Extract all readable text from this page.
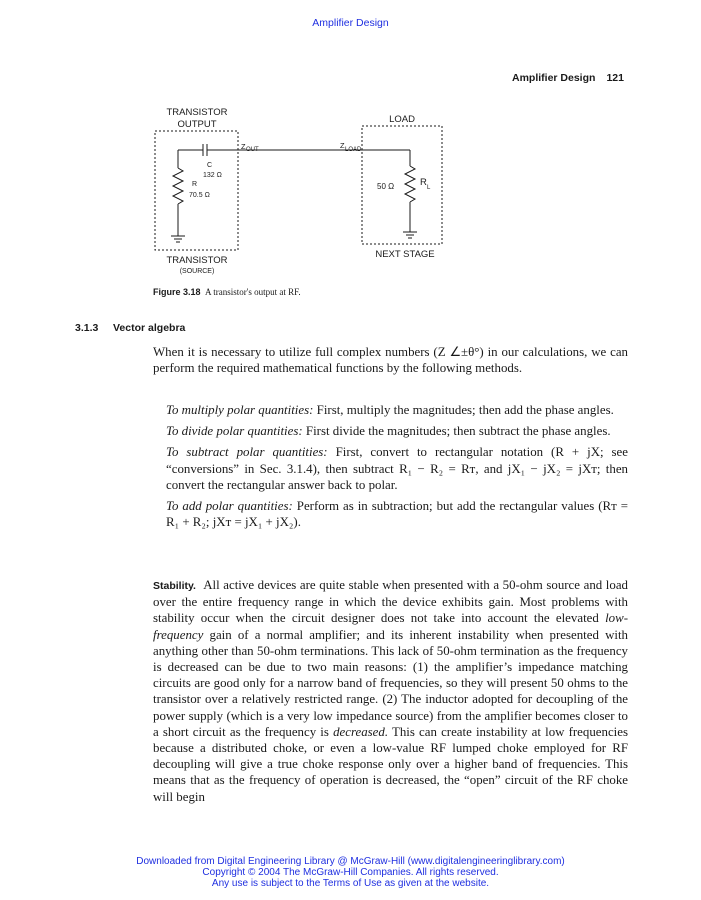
Amplifier Design
Amplifier Design 121
TRANSISTOR
OUTPUT	LOAD
Z OUT	Z LOAD
C
132 Ω
R
70.5 Ω
50 Ω	R L
TRANSISTOR
(SOURCE)
NEXT STAGE
Figure 3.18 A transistor's output at RF.
3.1.3 Vector algebra
When it is necessary to utilize full complex numbers (Z ∠±θ°) in our calculations, we can perform the required mathematical functions by the following methods.

To multiply polar quantities: First, multiply the magnitudes; then add the phase angles.

To divide polar quantities: First divide the magnitudes; then subtract the phase angles.

To subtract polar quantities: First, convert to rectangular notation (R + jX; see “conversions” in Sec. 3.1.4), then subtract R₁ − R₂ = Rᴛ, and jX₁ − jX₂ = jXᴛ; then convert the rectangular answer back to polar.

To add polar quantities: Perform as in subtraction; but add the rectangular values (Rᴛ = R₁ + R₂; jXᴛ = jX₁ + jX₂).

Stability. All active devices are quite stable when presented with a 50-ohm source and load over the entire frequency range in which the device exhibits gain. Most problems with stability occur when the circuit designer does not take into account the elevated low-frequency gain of a normal amplifier; and its inherent instability when presented with anything other than 50-ohm terminations. This lack of 50-ohm termination as the frequency is decreased can be due to two main reasons: (1) the amplifier’s impedance matching circuits are good only for a narrow band of frequencies, so they will present 50 ohms to the transistor over a relatively restricted range. (2) The inductor adopted for decoupling of the power supply (which is a very low impedance source) from the amplifier becomes closer to a short circuit as the frequency is decreased. This can create instability at low frequencies because a distributed choke, or even a low-value RF lumped choke employed for RF decoupling will give a true choke response only over a higher band of frequencies. This means that as the frequency of operation is decreased, the “open” circuit of the RF choke will begin
Downloaded from Digital Engineering Library @ McGraw-Hill (www.digitalengineeringlibrary.com)
Copyright © 2004 The McGraw-Hill Companies. All rights reserved.
Any use is subject to the Terms of Use as given at the website.
